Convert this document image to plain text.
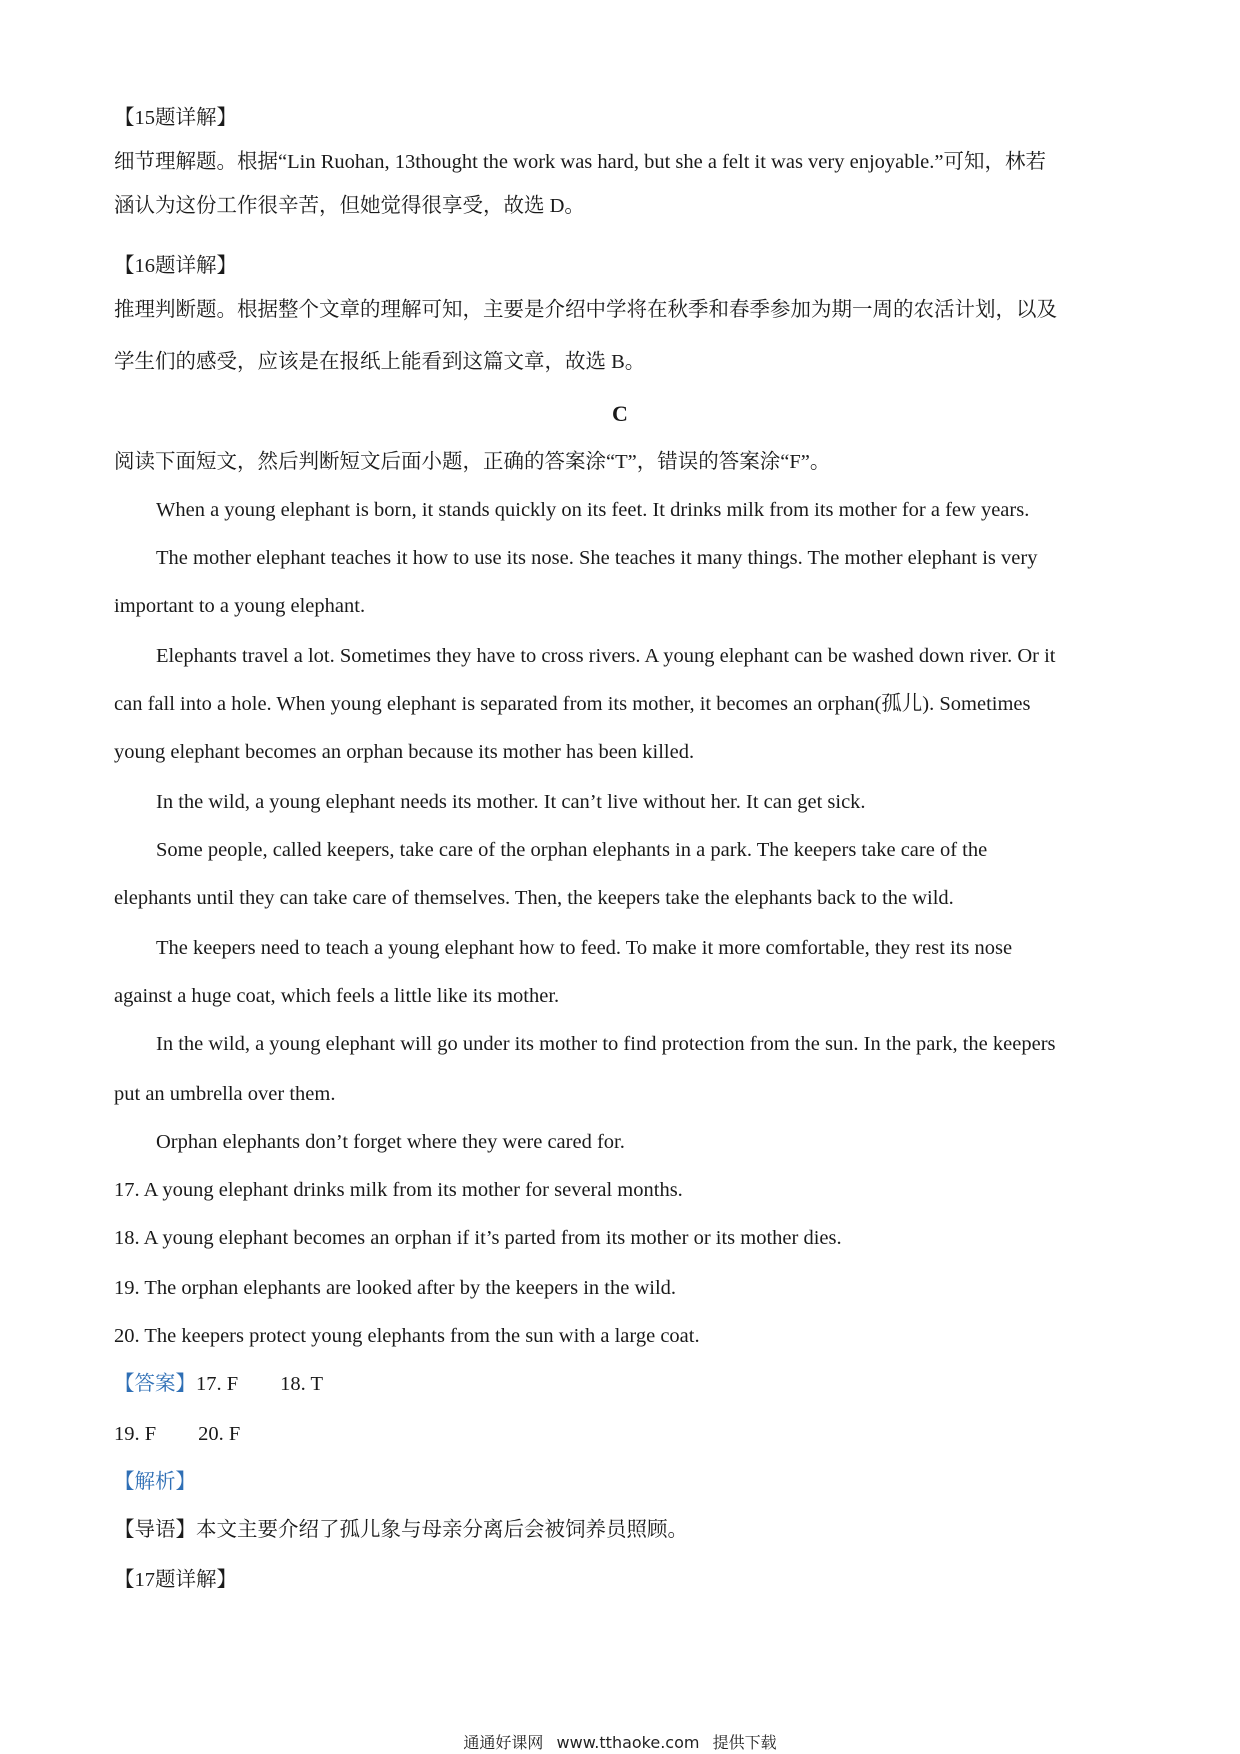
【15题详解】
细节理解题。根据“Lin Ruohan, 13thought the work was hard, but she a felt it was very enjoyable.”可知，林若
涵认为这份工作很辛苦，但她觉得很享受，故选 D。
【16题详解】
推理判断题。根据整个文章的理解可知，主要是介绍中学将在秋季和春季参加为期一周的农活计划，以及
学生们的感受，应该是在报纸上能看到这篇文章，故选 B。
C
阅读下面短文，然后判断短文后面小题，正确的答案涂“T”，错误的答案涂“F”。
When a young elephant is born, it stands quickly on its feet. It drinks milk from its mother for a few years.
The mother elephant teaches it how to use its nose. She teaches it many things. The mother elephant is very
important to a young elephant.
Elephants travel a lot. Sometimes they have to cross rivers. A young elephant can be washed down river. Or it
can fall into a hole. When young elephant is separated from its mother, it becomes an orphan(孤儿). Sometimes
young elephant becomes an orphan because its mother has been killed.
In the wild, a young elephant needs its mother. It can’t live without her. It can get sick.
Some people, called keepers, take care of the orphan elephants in a park. The keepers take care of the
elephants until they can take care of themselves. Then, the keepers take the elephants back to the wild.
The keepers need to teach a young elephant how to feed. To make it more comfortable, they rest its nose
against a huge coat, which feels a little like its mother.
In the wild, a young elephant will go under its mother to find protection from the sun. In the park, the keepers
put an umbrella over them.
Orphan elephants don’t forget where they were cared for.
17. A young elephant drinks milk from its mother for several months.
18. A young elephant becomes an orphan if it’s parted from its mother or its mother dies.
19. The orphan elephants are looked after by the keepers in the wild.
20. The keepers protect young elephants from the sun with a large coat.
【答案】17. F 18. T
19. F 20. F
【解析】
【导语】本文主要介绍了孤儿象与母亲分离后会被饲养员照顾。
【17题详解】
通通好课网 www.tthaoke.com 提供下载
